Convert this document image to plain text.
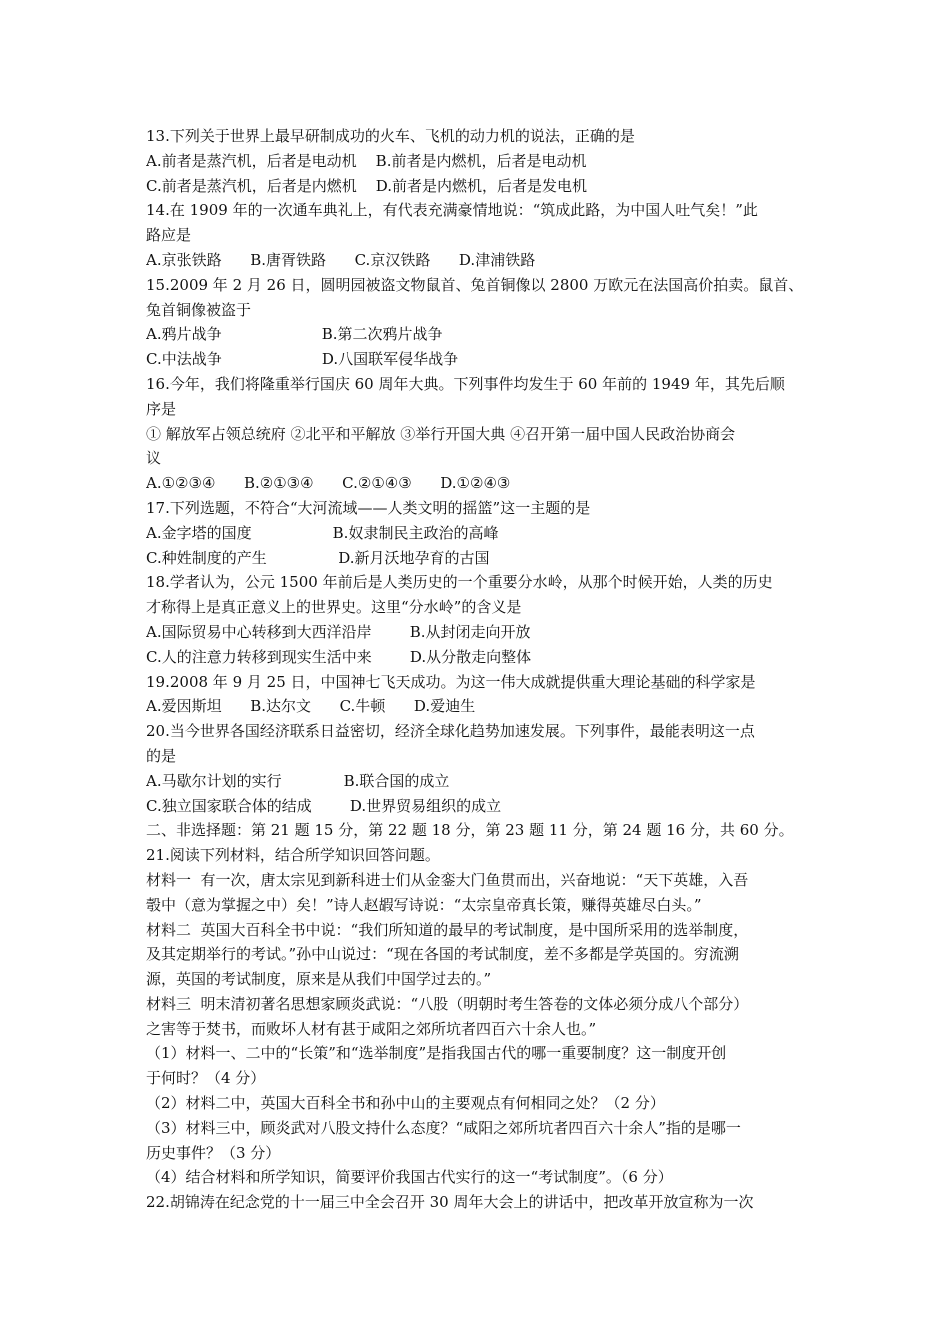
13.下列关于世界上最早研制成功的火车、飞机的动力机的说法，正确的是
A.前者是蒸汽机，后者是电动机    B.前者是内燃机，后者是电动机
C.前者是蒸汽机，后者是内燃机    D.前者是内燃机，后者是发电机
14.在 1909 年的一次通车典礼上，有代表充满豪情地说：“筑成此路，为中国人吐气矣！”此
路应是
A.京张铁路      B.唐胥铁路      C.京汉铁路      D.津浦铁路
15.2009 年 2 月 26 日，圆明园被盗文物鼠首、兔首铜像以 2800 万欧元在法国高价拍卖。鼠首、
兔首铜像被盗于
A.鸦片战争                     B.第二次鸦片战争
C.中法战争                     D.八国联军侵华战争
16.今年，我们将隆重举行国庆 60 周年大典。下列事件均发生于 60 年前的 1949 年，其先后顺
序是
① 解放军占领总统府 ②北平和平解放 ③举行开国大典 ④召开第一届中国人民政治协商会
议
A.①②③④      B.②①③④      C.②①④③      D.①②④③
17.下列选题，不符合“大河流域——人类文明的摇篮”这一主题的是
A.金字塔的国度                 B.奴隶制民主政治的高峰
C.种姓制度的产生               D.新月沃地孕育的古国
18.学者认为，公元 1500 年前后是人类历史的一个重要分水岭，从那个时候开始，人类的历史
才称得上是真正意义上的世界史。这里“分水岭”的含义是
A.国际贸易中心转移到大西洋沿岸        B.从封闭走向开放
C.人的注意力转移到现实生活中来        D.从分散走向整体
19.2008 年 9 月 25 日，中国神七飞天成功。为这一伟大成就提供重大理论基础的科学家是
A.爱因斯坦      B.达尔文      C.牛顿      D.爱迪生
20.当今世界各国经济联系日益密切，经济全球化趋势加速发展。下列事件，最能表明这一点
的是
A.马歇尔计划的实行             B.联合国的成立
C.独立国家联合体的结成        D.世界贸易组织的成立
二、非选择题：第 21 题 15 分，第 22 题 18 分，第 23 题 11 分，第 24 题 16 分，共 60 分。
21.阅读下列材料，结合所学知识回答问题。
材料一  有一次，唐太宗见到新科进士们从金銮大门鱼贯而出，兴奋地说：“天下英雄，入吾
彀中（意为掌握之中）矣！”诗人赵嘏写诗说：“太宗皇帝真长策，赚得英雄尽白头。”
材料二  英国大百科全书中说：“我们所知道的最早的考试制度，是中国所采用的选举制度，
及其定期举行的考试。”孙中山说过：“现在各国的考试制度，差不多都是学英国的。穷流溯
源，英国的考试制度，原来是从我们中国学过去的。”
材料三  明末清初著名思想家顾炎武说：“八股（明朝时考生答卷的文体必须分成八个部分）
之害等于焚书，而败坏人材有甚于咸阳之郊所坑者四百六十余人也。”
（1）材料一、二中的“长策”和“选举制度”是指我国古代的哪一重要制度？这一制度开创
于何时？（4 分）
（2）材料二中，英国大百科全书和孙中山的主要观点有何相同之处？（2 分）
（3）材料三中，顾炎武对八股文持什么态度？“咸阳之郊所坑者四百六十余人”指的是哪一
历史事件？（3 分）
（4）结合材料和所学知识，简要评价我国古代实行的这一“考试制度”。（6 分）
22.胡锦涛在纪念党的十一届三中全会召开 30 周年大会上的讲话中，把改革开放宣称为一次
